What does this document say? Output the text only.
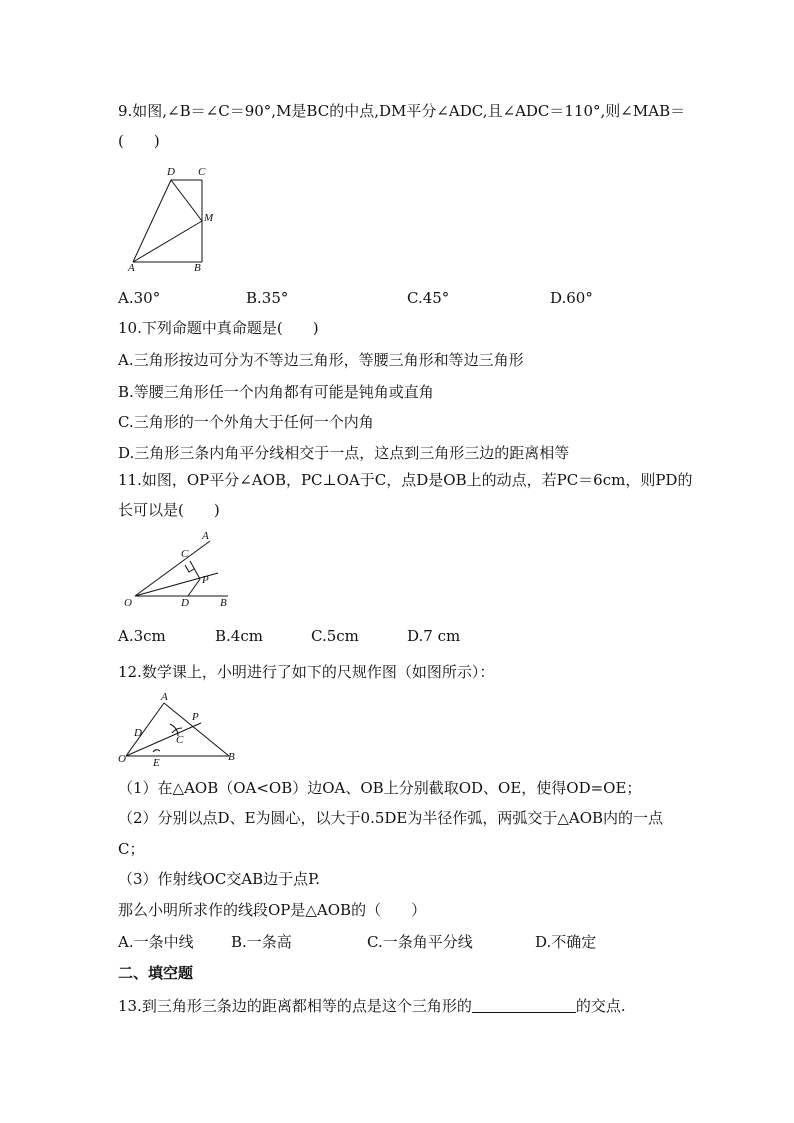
9.如图,∠B＝∠C＝90°,M是BC的中点,DM平分∠ADC,且∠ADC＝110°,则∠MAB＝
(　　)
D C
M
A	B
A.30°	B.35°	C.45°	D.60°
10.下列命题中真命题是(　　)
A.三角形按边可分为不等边三角形，等腰三角形和等边三角形
B.等腰三角形任一个内角都有可能是钝角或直角
C.三角形的一个外角大于任何一个内角
D.三角形三条内角平分线相交于一点，这点到三角形三边的距离相等
11.如图，OP平分∠AOB，PC⊥OA于C，点D是OB上的动点，若PC＝6cm，则PD的
长可以是(　　)
A
C
P
O	D	B
A.3cm	B.4cm	C.5cm	D.7 cm
12.数学课上，小明进行了如下的尺规作图（如图所示）：
A
P
D
C
O E	B
（1）在△AOB（OA<OB）边OA、OB上分别截取OD、OE，使得OD=OE；
（2）分别以点D、E为圆心，以大于0.5DE为半径作弧，两弧交于△AOB内的一点
C；
（3）作射线OC交AB边于点P.
那么小明所求作的线段OP是△AOB的（　　）
A.一条中线 B.一条高	C.一条角平分线	D.不确定
二、填空题
13.到三角形三条边的距离都相等的点是这个三角形的	的交点.
